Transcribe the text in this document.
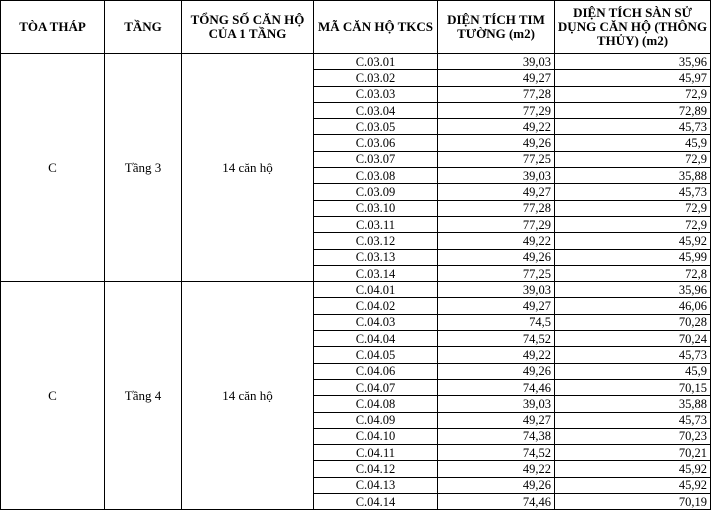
TÒA THÁP	TẦNG	TỔNG SỐ CĂN HỘ CỦA 1 TẦNG	MÃ CĂN HỘ TKCS	DIỆN TÍCH TIM TƯỜNG (m2)	DIỆN TÍCH SÀN SỬ DỤNG CĂN HỘ (THÔNG THỦY) (m2)
C	Tầng 3	14 căn hộ	C.03.01	39,03	35,96
			C.03.02	49,27	45,97
			C.03.03	77,28	72,9
			C.03.04	77,29	72,89
			C.03.05	49,22	45,73
			C.03.06	49,26	45,9
			C.03.07	77,25	72,9
			C.03.08	39,03	35,88
			C.03.09	49,27	45,73
			C.03.10	77,28	72,9
			C.03.11	77,29	72,9
			C.03.12	49,22	45,92
			C.03.13	49,26	45,99
			C.03.14	77,25	72,8
C	Tầng 4	14 căn hộ	C.04.01	39,03	35,96
			C.04.02	49,27	46,06
			C.04.03	74,5	70,28
			C.04.04	74,52	70,24
			C.04.05	49,22	45,73
			C.04.06	49,26	45,9
			C.04.07	74,46	70,15
			C.04.08	39,03	35,88
			C.04.09	49,27	45,73
			C.04.10	74,38	70,23
			C.04.11	74,52	70,21
			C.04.12	49,22	45,92
			C.04.13	49,26	45,92
			C.04.14	74,46	70,19
